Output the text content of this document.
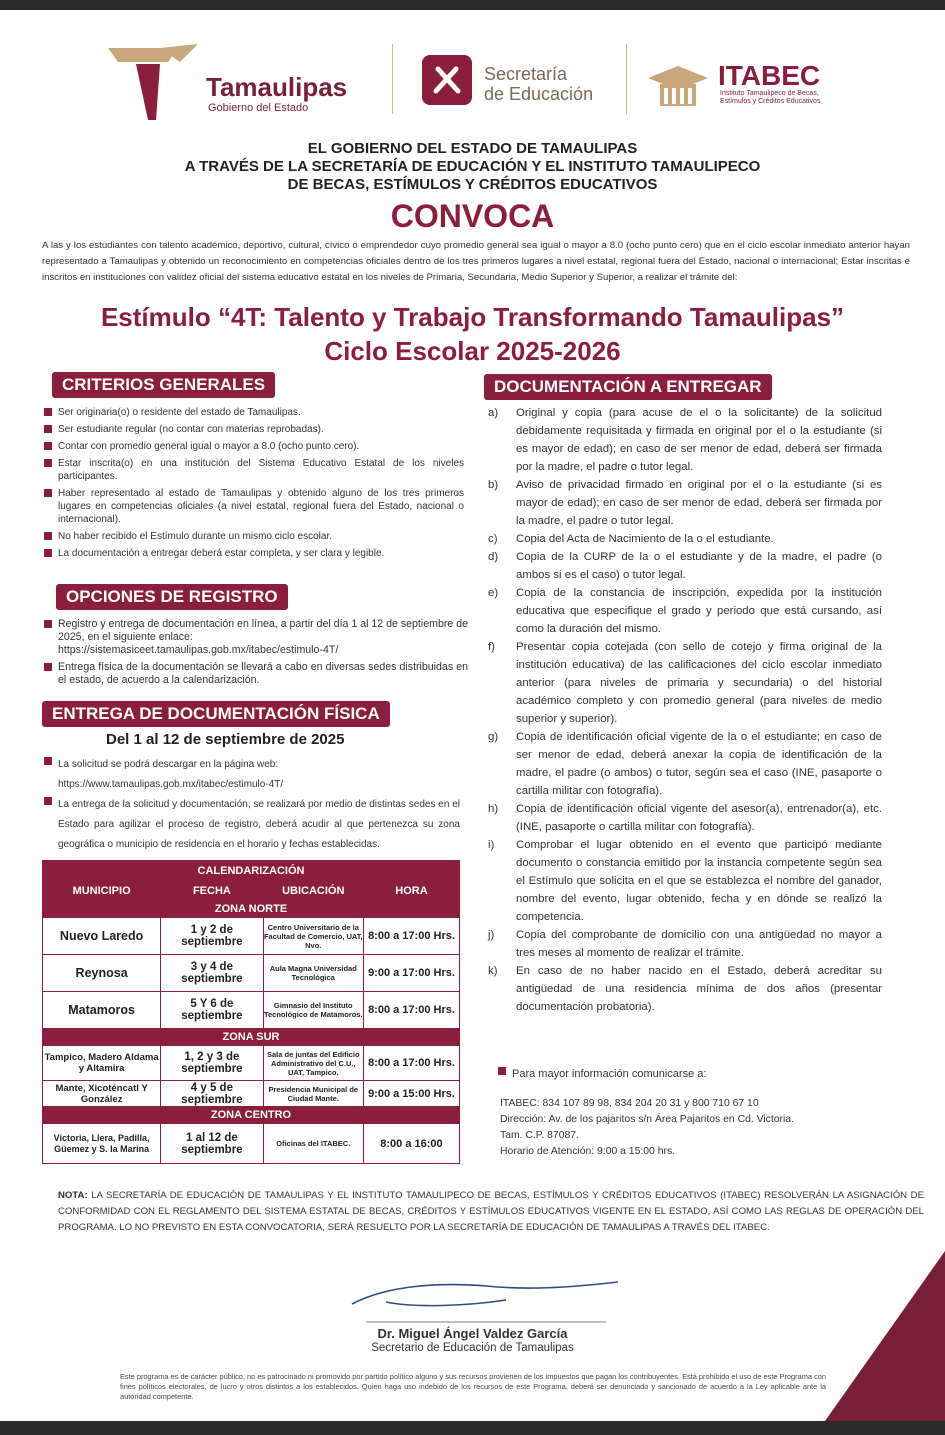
Tamaulipas
Gobierno del Estado
Secretaría
de Educación
ITABEC
Instituto Tamaulipeco de Becas, Estímulos y Créditos Educativos
EL GOBIERNO DEL ESTADO DE TAMAULIPAS
A TRAVÉS DE LA SECRETARÍA DE EDUCACIÓN Y EL INSTITUTO TAMAULIPECO
DE BECAS, ESTÍMULOS Y CRÉDITOS EDUCATIVOS
CONVOCA
A las y los estudiantes con talento académico, deportivo, cultural, cívico o emprendedor cuyo promedio general sea igual o mayor a 8.0 (ocho punto cero) que en el ciclo escolar inmediato anterior hayan representado a Tamaulipas y obtenido un reconocimiento en competencias oficiales dentro de los tres primeros lugares a nivel estatal, regional fuera del Estado, nacional o internacional; Estar inscritas e inscritos en instituciones con validez oficial del sistema educativo estatal en los niveles de Primaria, Secundaria, Medio Superior y Superior, a realizar el trámite del:
Estímulo “4T: Talento y Trabajo Transformando Tamaulipas”
Ciclo Escolar 2025-2026
CRITERIOS GENERALES
Ser originaria(o) o residente del estado de Tamaulipas.
Ser estudiante regular (no contar con materias reprobadas).
Contar con promedio general igual o mayor a 8.0 (ocho punto cero).
Estar inscrita(o) en una institución del Sistema Educativo Estatal de los niveles participantes.
Haber representado al estado de Tamaulipas y obtenido alguno de los tres primeros lugares en competencias oficiales (a nivel estatal, regional fuera del Estado, nacional o internacional).
No haber recibido el Estímulo durante un mismo ciclo escolar.
La documentación a entregar deberá estar completa, y ser clara y legible.
OPCIONES DE REGISTRO
Registro y entrega de documentación en línea, a partir del día 1 al 12 de septiembre de 2025, en el siguiente enlace:
https://sistemasiceet.tamaulipas.gob.mx/itabec/estimulo-4T/
Entrega física de la documentación se llevará a cabo en diversas sedes distribuidas en el estado, de acuerdo a la calendarización.
ENTREGA DE DOCUMENTACIÓN FÍSICA
Del 1 al 12 de septiembre de 2025
La solicitud se podrá descargar en la página web:
https://www.tamaulipas.gob.mx/itabec/estimulo-4T/
La entrega de la solicitud y documentación, se realizará por medio de distintas sedes en el Estado para agilizar el proceso de registro, deberá acudir al que pertenezca su zona geográfica o municipio de residencia en el horario y fechas establecidas.
CALENDARIZACIÓN			
MUNICIPIO	FECHA	UBICACIÓN	HORA
ZONA NORTE			
Nuevo Laredo	1 y 2 de septiembre	Centro Universitario de la Facultad de Comercio, UAT, Nvo.	8:00 a 17:00 Hrs.
Reynosa	3 y 4 de septiembre	Aula Magna Universidad Tecnológica	9:00 a 17:00 Hrs.
Matamoros	5 Y 6 de septiembre	Gimnasio del Instituto Tecnológico de Matamoros.	8:00 a 17:00 Hrs.
ZONA SUR			
Tampico, Madero Aldama y Altamira	1, 2 y 3 de septiembre	Sala de juntas del Edificio Administrativo del C.U., UAT, Tampico.	8:00 a 17:00 Hrs.
Mante, Xicoténcatl Y González	4 y 5 de septiembre	Presidencia Municipal de Ciudad Mante.	9:00 a 15:00 Hrs.
ZONA CENTRO			
Victoria, Llera, Padilla, Güemez y S. la Marina	1 al 12 de septiembre	Oficinas del ITABEC.	8:00 a 16:00
DOCUMENTACIÓN A ENTREGAR
a) Original y copia (para acuse de el o la solicitante) de la solicitud debidamente requisitada y firmada en original por el o la estudiante (si es mayor de edad); en caso de ser menor de edad, deberá ser firmada por la madre, el padre o tutor legal.
b) Aviso de privacidad firmado en original por el o la estudiante (si es mayor de edad); en caso de ser menor de edad, deberá ser firmada por la madre, el padre o tutor legal.
c) Copia del Acta de Nacimiento de la o el estudiante.
d) Copia de la CURP de la o el estudiante y de la madre, el padre (o ambos si es el caso) o tutor legal.
e) Copia de la constancia de inscripción, expedida por la institución educativa que especifique el grado y periodo que está cursando, así como la duración del mismo.
f) Presentar copia cotejada (con sello de cotejo y firma original de la institución educativa) de las calificaciones del ciclo escolar inmediato anterior (para niveles de primaria y secundaria) o del historial académico completo y con promedio general (para niveles de medio superior y superior).
g) Copia de identificación oficial vigente de la o el estudiante; en caso de ser menor de edad, deberá anexar la copia de identificación de la madre, el padre (o ambos) o tutor, según sea el caso (INE, pasaporte o cartilla militar con fotografía).
h) Copia de identificación oficial vigente del asesor(a), entrenador(a), etc. (INE, pasaporte o cartilla militar con fotografía).
i) Comprobar el lugar obtenido en el evento que participó mediante documento o constancia emitido por la instancia competente según sea el Estímulo que solicita en el que se establezca el nombre del ganador, nombre del evento, lugar obtenido, fecha y en dónde se realizó la competencia.
j) Copia del comprobante de domicilio con una antigüedad no mayor a tres meses al momento de realizar el trámite.
k) En caso de no haber nacido en el Estado, deberá acreditar su antigüedad de una residencia mínima de dos años (presentar documentación probatoria).
Para mayor información comunicarse a:
ITABEC: 834 107 89 98, 834 204 20 31 y 800 710 67 10
Dirección: Av. de los pajaritos s/n Área Pajaritos en Cd. Victoria.
Tam. C.P. 87087.
Horario de Atención: 9:00 a 15:00 hrs.
NOTA: LA SECRETARÍA DE EDUCACIÓN DE TAMAULIPAS Y EL INSTITUTO TAMAULIPECO DE BECAS, ESTÍMULOS Y CRÉDITOS EDUCATIVOS (ITABEC) RESOLVERÁN LA ASIGNACIÓN DE CONFORMIDAD CON EL REGLAMENTO DEL SISTEMA ESTATAL DE BECAS, CRÉDITOS Y ESTÍMULOS EDUCATIVOS VIGENTE EN EL ESTADO, ASÍ COMO LAS REGLAS DE OPERACIÓN DEL PROGRAMA. LO NO PREVISTO EN ESTA CONVOCATORIA, SERÁ RESUELTO POR LA SECRETARÍA DE EDUCACIÓN DE TAMAULIPAS A TRAVÉS DEL ITABEC.
Dr. Miguel Ángel Valdez García
Secretario de Educación de Tamaulipas
Este programa es de carácter público, no es patrocinado ni promovido por partido político alguno y sus recursos provienen de los impuestos que pagan los contribuyentes. Está prohibido el uso de este Programa con fines políticos electorales, de lucro y otros distintos a los establecidos. Quien haga uso indebido de los recursos de este Programa, deberá ser denunciado y sancionado de acuerdo a la Ley aplicable ante la autoridad competente.
